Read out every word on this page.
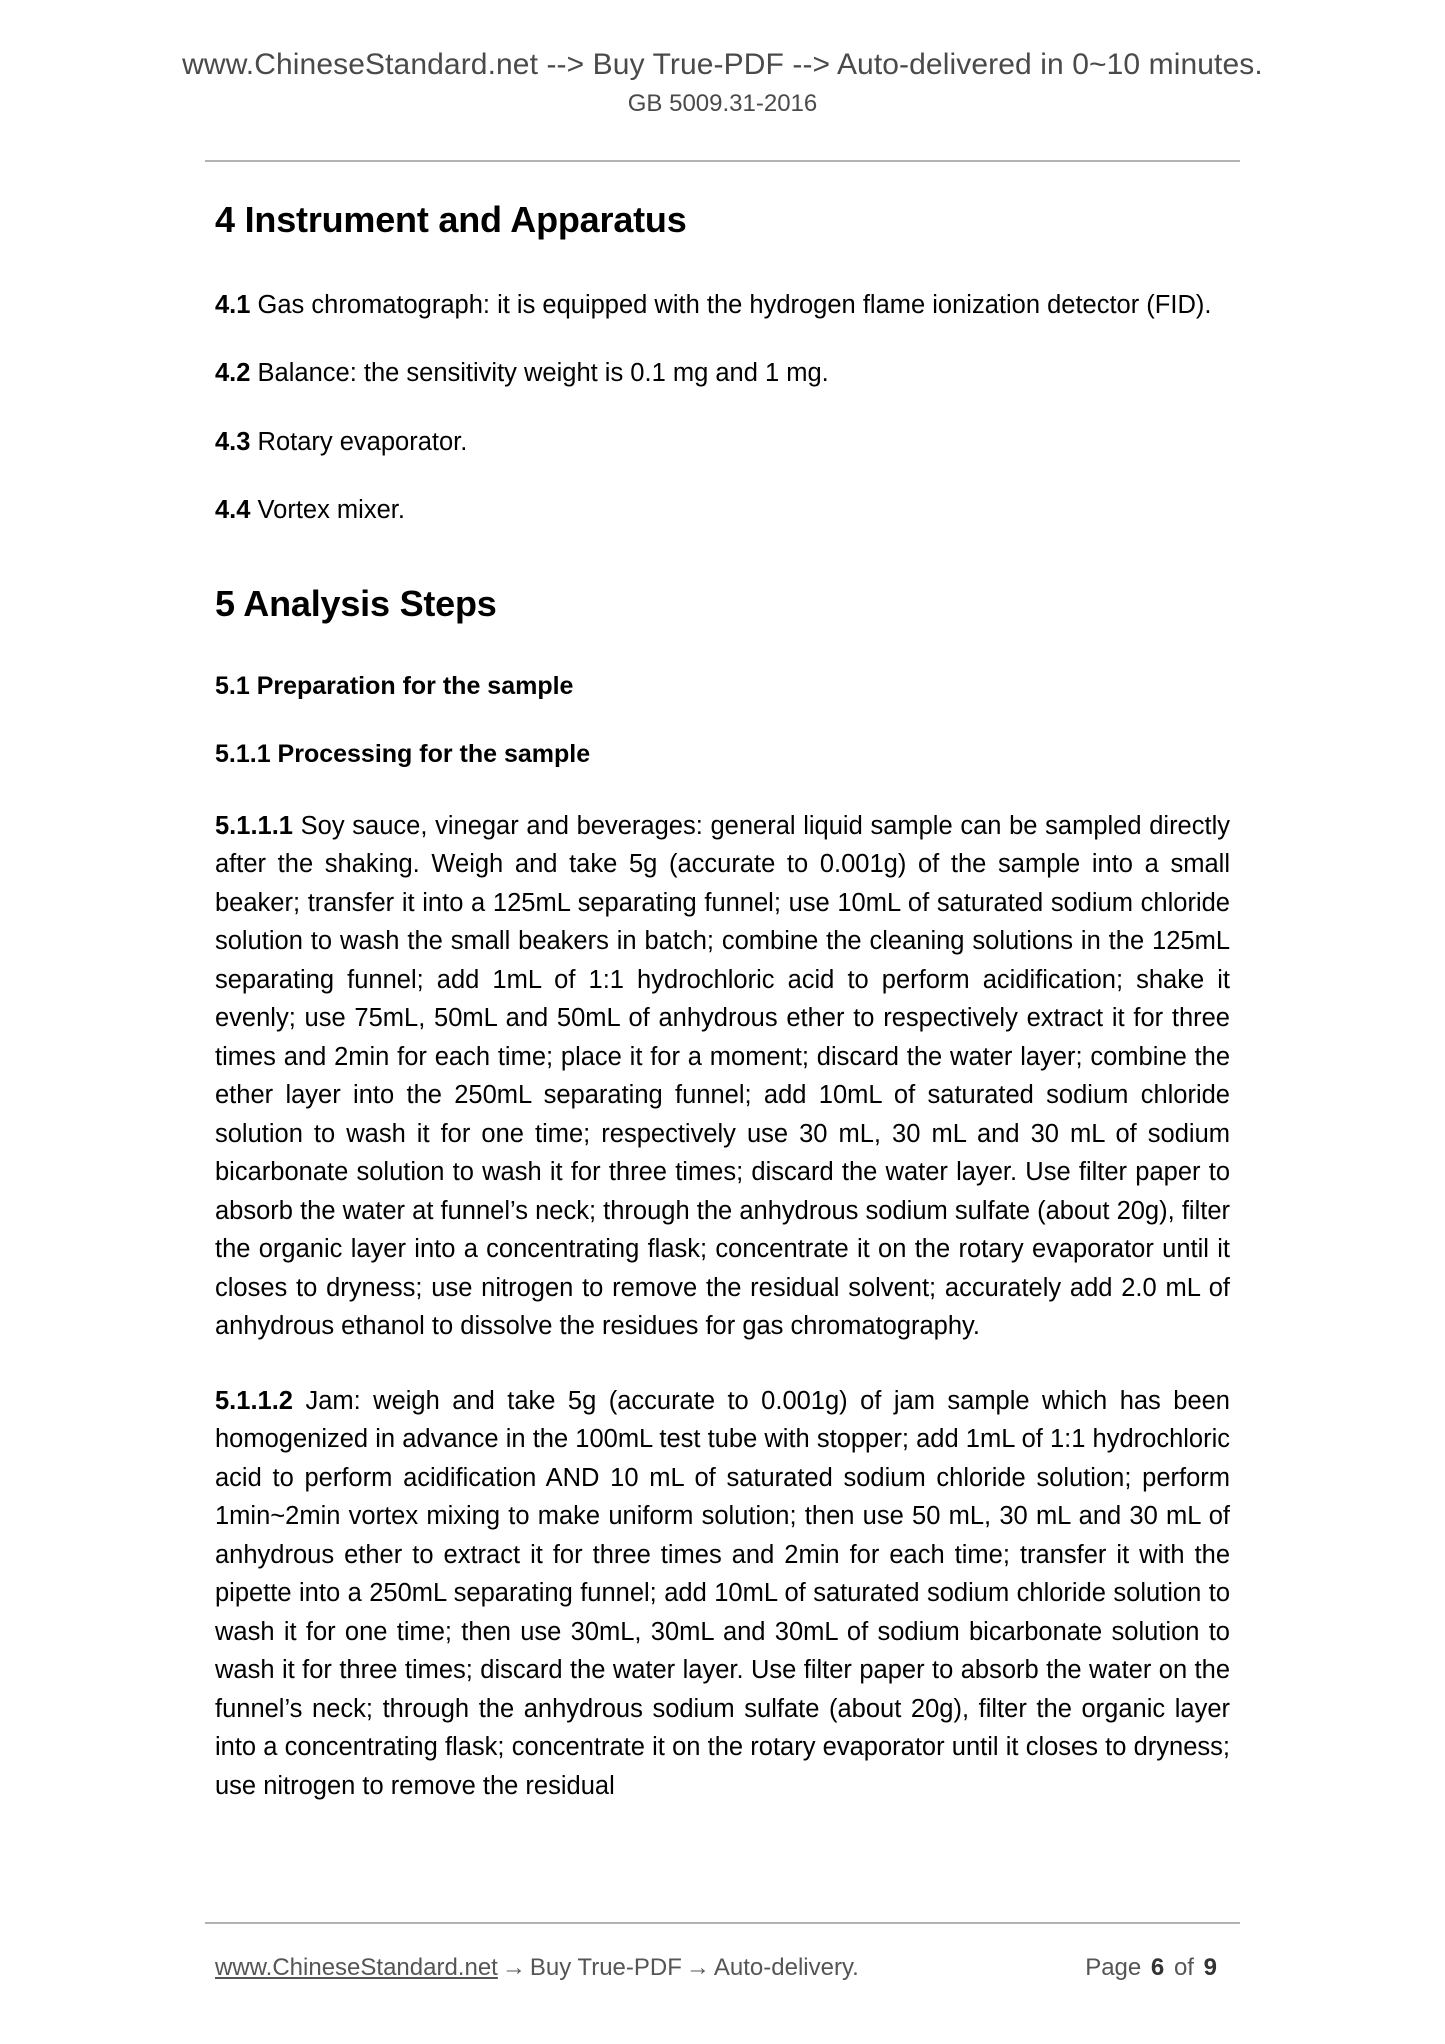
www.ChineseStandard.net --> Buy True-PDF --> Auto-delivered in 0~10 minutes.
GB 5009.31-2016
4 Instrument and Apparatus

4.1 Gas chromatograph: it is equipped with the hydrogen flame ionization detector (FID).

4.2 Balance: the sensitivity weight is 0.1 mg and 1 mg.

4.3 Rotary evaporator.

4.4 Vortex mixer.

5 Analysis Steps
5.1 Preparation for the sample
5.1.1 Processing for the sample

5.1.1.1 Soy sauce, vinegar and beverages: general liquid sample can be sampled directly after the shaking. Weigh and take 5g (accurate to 0.001g) of the sample into a small beaker; transfer it into a 125mL separating funnel; use 10mL of saturated sodium chloride solution to wash the small beakers in batch; combine the cleaning solutions in the 125mL separating funnel; add 1mL of 1:1 hydrochloric acid to perform acidification; shake it evenly; use 75mL, 50mL and 50mL of anhydrous ether to respectively extract it for three times and 2min for each time; place it for a moment; discard the water layer; combine the ether layer into the 250mL separating funnel; add 10mL of saturated sodium chloride solution to wash it for one time; respectively use 30 mL, 30 mL and 30 mL of sodium bicarbonate solution to wash it for three times; discard the water layer. Use filter paper to absorb the water at funnel’s neck; through the anhydrous sodium sulfate (about 20g), filter the organic layer into a concentrating flask; concentrate it on the rotary evaporator until it closes to dryness; use nitrogen to remove the residual solvent; accurately add 2.0 mL of anhydrous ethanol to dissolve the residues for gas chromatography.

5.1.1.2 Jam: weigh and take 5g (accurate to 0.001g) of jam sample which has been homogenized in advance in the 100mL test tube with stopper; add 1mL of 1:1 hydrochloric acid to perform acidification AND 10 mL of saturated sodium chloride solution; perform 1min~2min vortex mixing to make uniform solution; then use 50 mL, 30 mL and 30 mL of anhydrous ether to extract it for three times and 2min for each time; transfer it with the pipette into a 250mL separating funnel; add 10mL of saturated sodium chloride solution to wash it for one time; then use 30mL, 30mL and 30mL of sodium bicarbonate solution to wash it for three times; discard the water layer. Use filter paper to absorb the water on the funnel’s neck; through the anhydrous sodium sulfate (about 20g), filter the organic layer into a concentrating flask; concentrate it on the rotary evaporator until it closes to dryness; use nitrogen to remove the residual

www.ChineseStandard.net → Buy True-PDF → Auto-delivery.	Page 6 of 9
